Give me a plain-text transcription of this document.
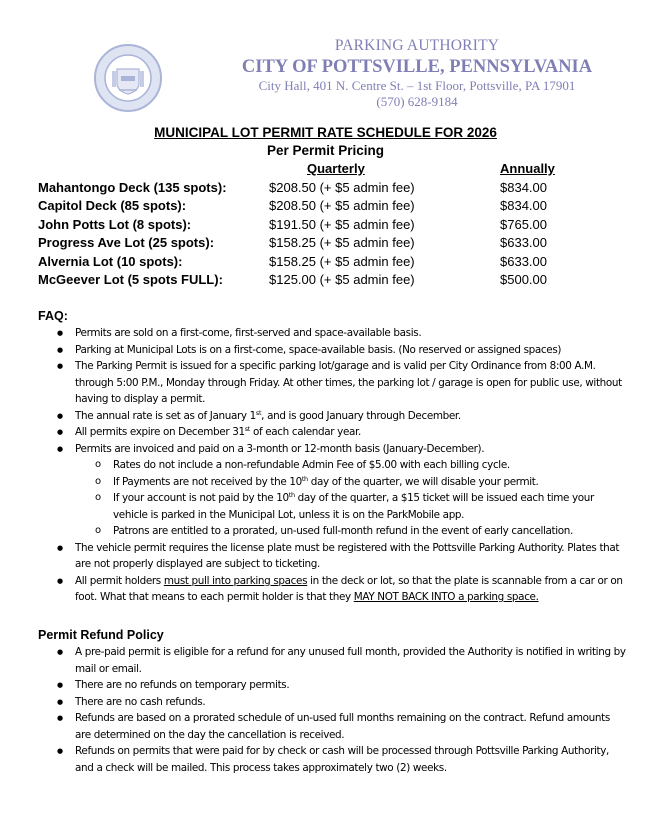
PARKING AUTHORITY
CITY OF POTTSVILLE, PENNSYLVANIA
City Hall, 401 N. Centre St. – 1st Floor, Pottsville, PA 17901
(570) 628-9184
MUNICIPAL LOT PERMIT RATE SCHEDULE FOR 2026
Per Permit Pricing
Quarterly	Annually
Mahantongo Deck (135 spots):	$208.50 (+ $5 admin fee)	$834.00
Capitol Deck (85 spots):	$208.50 (+ $5 admin fee)	$834.00
John Potts Lot (8 spots):	$191.50 (+ $5 admin fee)	$765.00
Progress Ave Lot (25 spots):	$158.25 (+ $5 admin fee)	$633.00
Alvernia Lot (10 spots):	$158.25 (+ $5 admin fee)	$633.00
McGeever Lot (5 spots FULL):	$125.00 (+ $5 admin fee)	$500.00
FAQ:
● Permits are sold on a first-come, first-served and space-available basis.
● Parking at Municipal Lots is on a first-come, space-available basis. (No reserved or assigned spaces)
● The Parking Permit is issued for a specific parking lot/garage and is valid per City Ordinance from 8:00 A.M. through 5:00 P.M., Monday through Friday. At other times, the parking lot / garage is open for public use, without having to display a permit.
● The annual rate is set as of January 1st, and is good January through December.
● All permits expire on December 31st of each calendar year.
● Permits are invoiced and paid on a 3-month or 12-month basis (January-December).
o Rates do not include a non-refundable Admin Fee of $5.00 with each billing cycle.
o If Payments are not received by the 10th day of the quarter, we will disable your permit.
o If your account is not paid by the 10th day of the quarter, a $15 ticket will be issued each time your vehicle is parked in the Municipal Lot, unless it is on the ParkMobile app.
o Patrons are entitled to a prorated, un-used full-month refund in the event of early cancellation.
● The vehicle permit requires the license plate must be registered with the Pottsville Parking Authority. Plates that are not properly displayed are subject to ticketing.
● All permit holders must pull into parking spaces in the deck or lot, so that the plate is scannable from a car or on foot. What that means to each permit holder is that they MAY NOT BACK INTO a parking space.
Permit Refund Policy
● A pre-paid permit is eligible for a refund for any unused full month, provided the Authority is notified in writing by mail or email.
● There are no refunds on temporary permits.
● There are no cash refunds.
● Refunds are based on a prorated schedule of un-used full months remaining on the contract. Refund amounts are determined on the day the cancellation is received.
● Refunds on permits that were paid for by check or cash will be processed through Pottsville Parking Authority, and a check will be mailed. This process takes approximately two (2) weeks.
